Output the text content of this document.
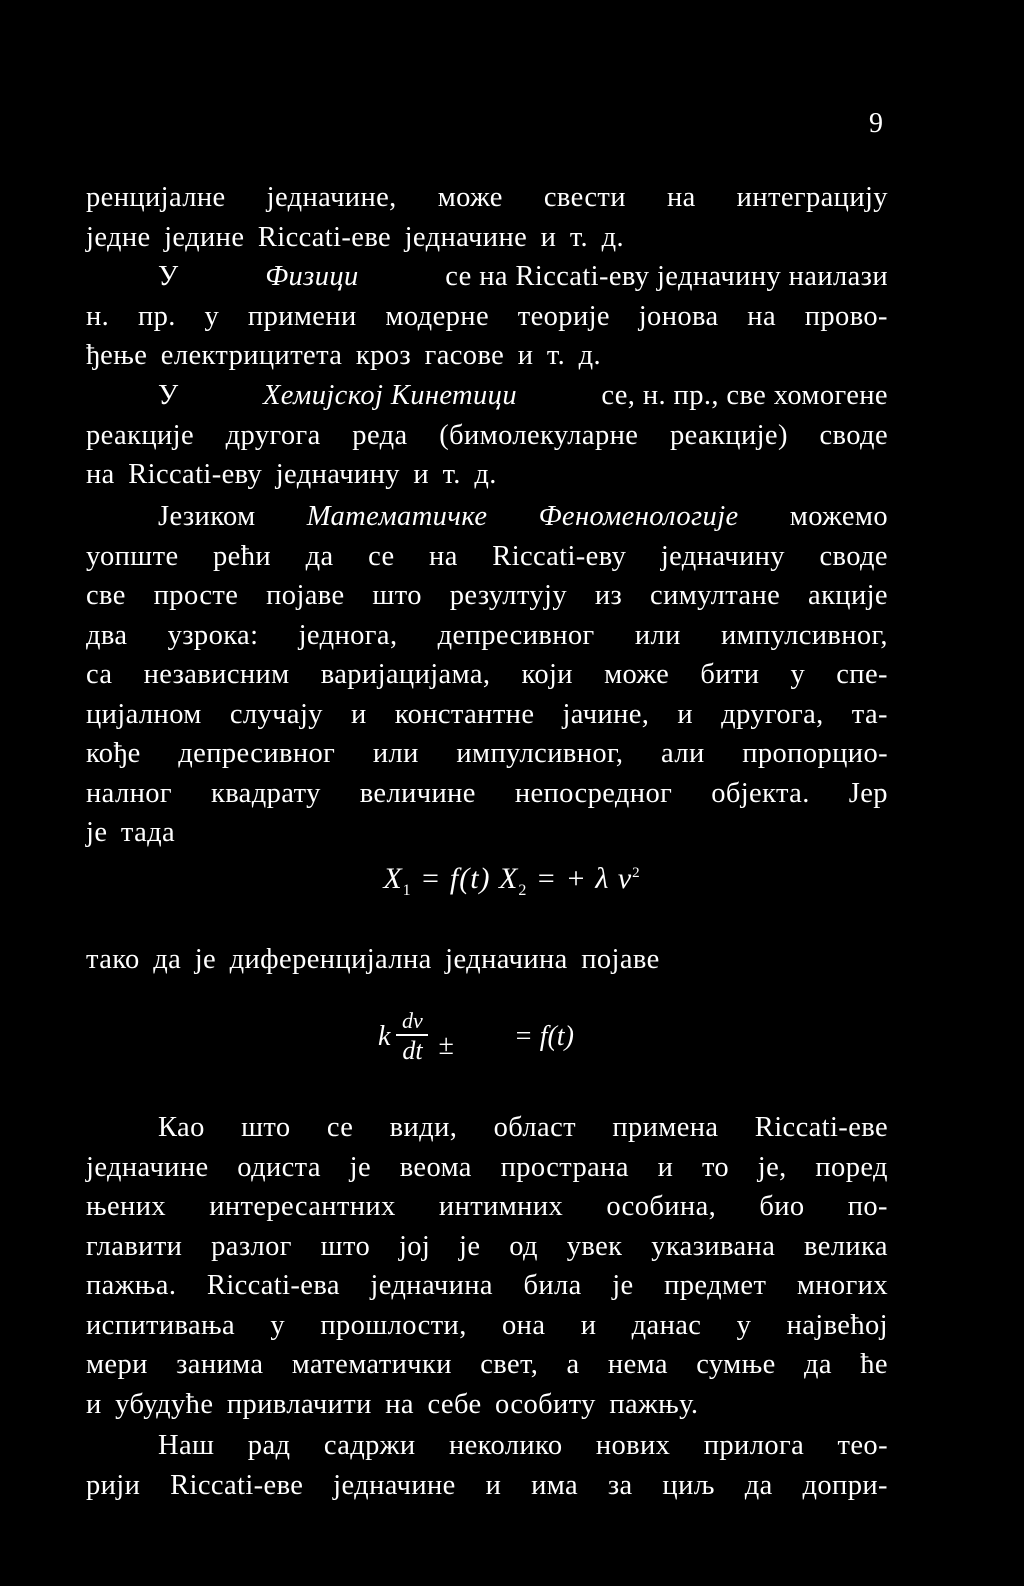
9
ренцијалне једначине, може свести на интеграцију
једне једине Riccati-еве једначине и т. д.
У	Физици	се на Riccati-еву једначину наилази
н. пр. у примени модерне теорије јонова на прово-
ђење електрицитета кроз гасове и т. д.
У	Хемијској Кинетици	се, н. пр., све хомогене
реакције другога реда (бимолекуларне реакције) своде
на Riccati-еву једначину и т. д.
Језиком Математичке Феноменологије можемо
уопште рећи да се на Riccati-еву једначину своде
све просте појаве што резултују из симултане акције
два узрока: једнога, депресивног или импулсивног,
са независним варијацијама, који може бити у спе-
цијалном случају и константне јачине, и другога, та-
кође депресивног или импулсивног, али пропорцио-
налног квадрату величине непосредног објекта. Јер
је тада
$X_1 = f(t) X_2$ = + λ $v^2$
тако да је диференцијална једначина појаве
k $\frac{dv}{dt}$ ± = f(t)
Као што се види, област примена Riccati-еве
једначине одиста је веома пространа и то је, поред
њених интересантних интимних особина, био по-
главити разлог што јој је од увек указивана велика
пажња. Riccati-ева једначина била је предмет многих
испитивања у прошлости, она и данас у највећој
мери занима математички свет, а нема сумње да ће
и убудуће привлачити на себе особиту пажњу.
Наш рад садржи неколико нових прилога тео-
рији Riccati-еве једначине и има за циљ да допри-
